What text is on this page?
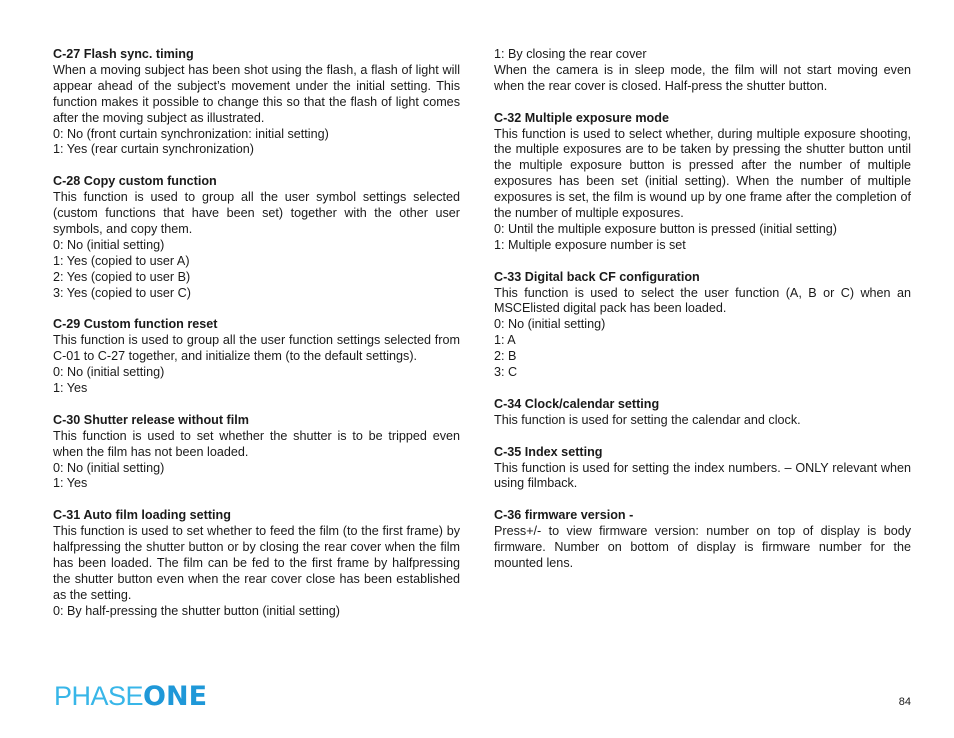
C-27 Flash sync. timing
When a moving subject has been shot using the flash, a flash of light will appear ahead of the subject’s movement under the initial setting. This function makes it possible to change this so that the flash of light comes after the moving subject as illustrated.
0: No (front curtain synchronization: initial setting)
1: Yes (rear curtain synchronization)
C-28 Copy custom function
This function is used to group all the user symbol settings selected (custom functions that have been set) together with the other user symbols, and copy them.
0: No (initial setting)
1: Yes (copied to user A)
2: Yes (copied to user B)
3: Yes (copied to user C)
C-29 Custom function reset
This function is used to group all the user function settings selected from C-01 to C-27 together, and initialize them (to the default settings).
0: No (initial setting)
1: Yes
C-30 Shutter release without film
This function is used to set whether the shutter is to be tripped even when the film has not been loaded.
0: No (initial setting)
1: Yes
C-31 Auto film loading setting
This function is used to set whether to feed the film (to the first frame) by halfpressing the shutter button or by closing the rear cover when the film has been loaded. The film can be fed to the first frame by halfpressing the shutter button even when the rear cover close has been established as the setting.
0: By half-pressing the shutter button (initial setting)
1: By closing the rear cover
When the camera is in sleep mode, the film will not start moving even when the rear cover is closed. Half-press the shutter button.
C-32 Multiple exposure mode
This function is used to select whether, during multiple exposure shooting, the multiple exposures are to be taken by pressing the shutter button until the multiple exposure button is pressed after the number of multiple exposures has been set (initial setting). When the number of multiple exposures is set, the film is wound up by one frame after the completion of the number of multiple exposures.
0: Until the multiple exposure button is pressed (initial setting)
1: Multiple exposure number is set
C-33 Digital back CF configuration
This function is used to select the user function (A, B or C) when an MSCElisted digital pack has been loaded.
0: No (initial setting)
1: A
2: B
3: C
C-34 Clock/calendar setting
This function is used for setting the calendar and clock.
C-35 Index setting
This function is used for setting the index numbers. – ONLY relevant when using filmback.
C-36 firmware version -
Press+/- to view firmware version: number on top of display is body firmware. Number on bottom of display is firmware number for the mounted lens.
PHASEONE	84
